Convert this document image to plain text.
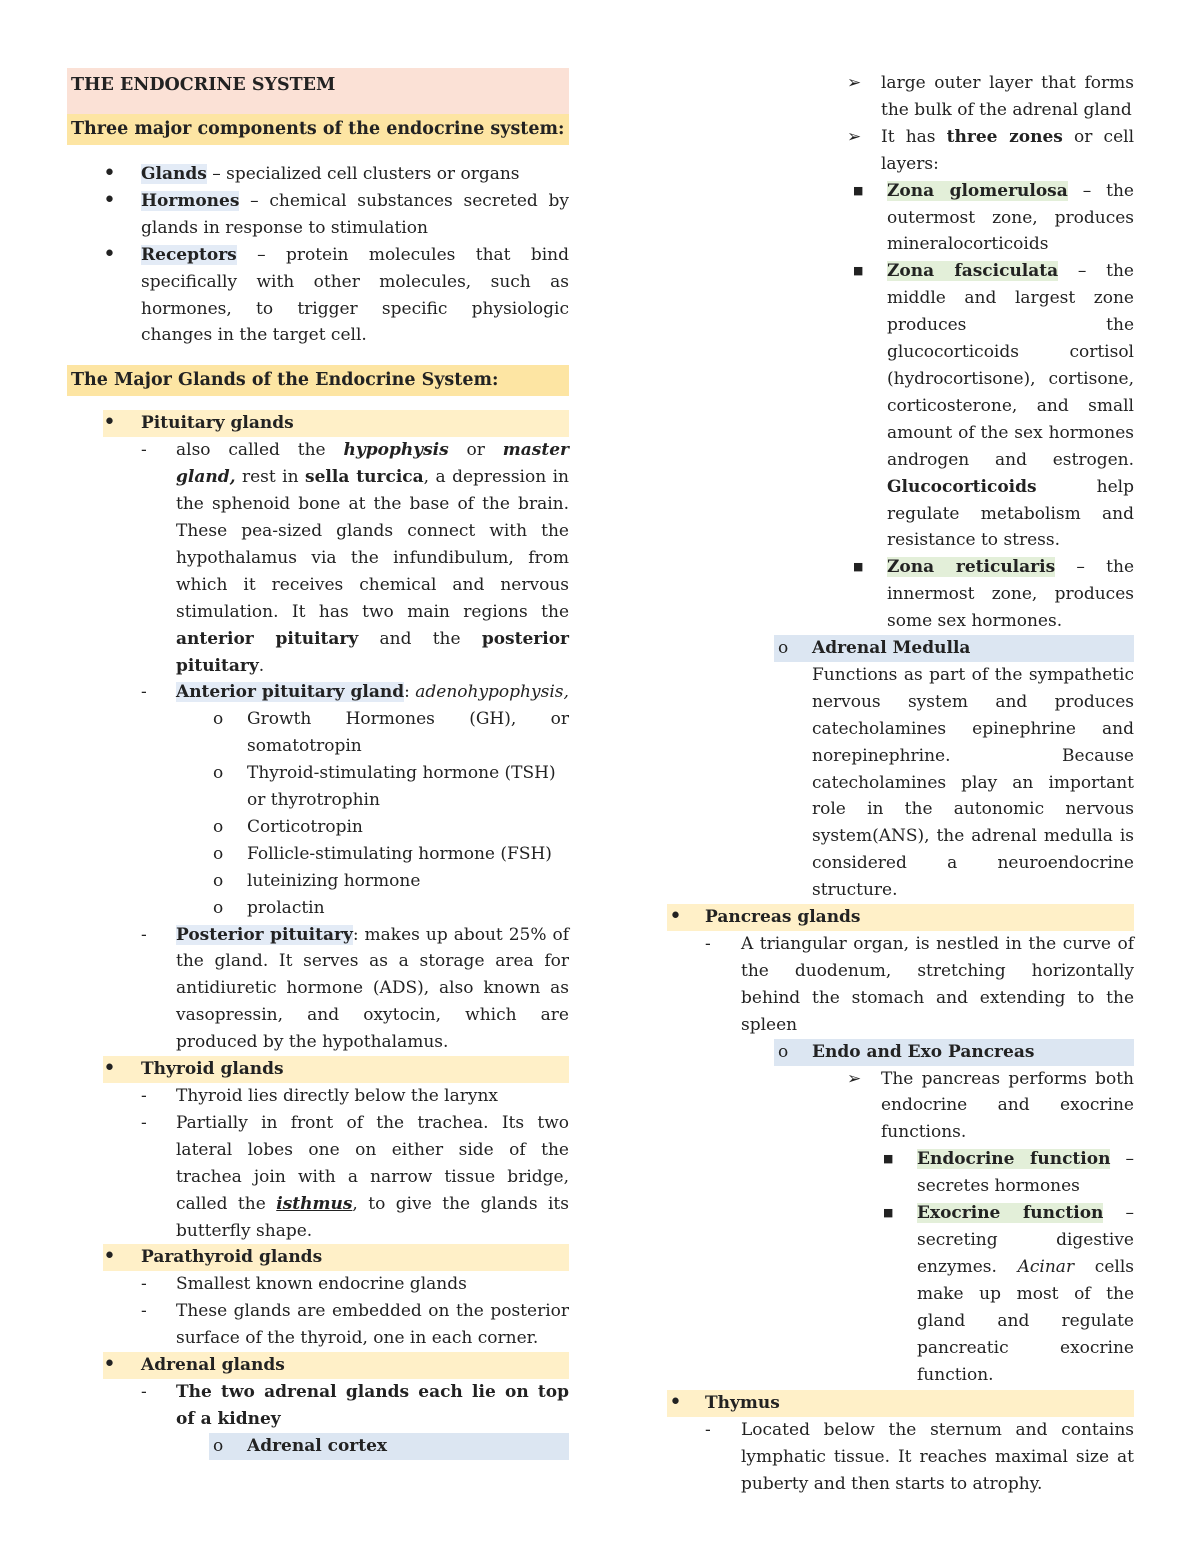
THE ENDOCRINE SYSTEM

Three major components of the endocrine system:

• Glands – specialized cell clusters or organs

• Hormones – chemical substances secreted by glands in response to stimulation

• Receptors – protein molecules that bind specifically with other molecules, such as hormones, to trigger specific physiologic changes in the target cell.

The Major Glands of the Endocrine System:

•	Pituitary glands
- also called the hypophysis or master gland, rest in sella turcica, a depression in the sphenoid bone at the base of the brain. These pea-sized glands connect with the hypothalamus via the infundibulum, from which it receives chemical and nervous stimulation. It has two main regions the anterior pituitary and the posterior pituitary.

- Anterior pituitary gland: adenohypophysis,

o Growth Hormones (GH), or somatotropin

o Thyroid-stimulating hormone (TSH) or thyrotrophin

o Corticotropin

o Follicle-stimulating hormone (FSH)

o luteinizing hormone

o prolactin

- Posterior pituitary: makes up about 25% of the gland. It serves as a storage area for antidiuretic hormone (ADS), also known as vasopressin, and oxytocin, which are produced by the hypothalamus.

•	Thyroid glands
- Thyroid lies directly below the larynx

- Partially in front of the trachea. Its two lateral lobes one on either side of the trachea join with a narrow tissue bridge, called the isthmus, to give the glands its butterfly shape.

•	Parathyroid glands
- Smallest known endocrine glands

- These glands are embedded on the posterior surface of the thyroid, one in each corner.

•	Adrenal glands
- The two adrenal glands each lie on top of a kidney

o	Adrenal cortex
➢ large outer layer that forms the bulk of the adrenal gland

➢ It has three zones or cell layers:

■ Zona glomerulosa – the outermost zone, produces mineralocorticoids

■ Zona fasciculata – the middle and largest zone produces the glucocorticoids cortisol (hydrocortisone), cortisone, corticosterone, and small amount of the sex hormones androgen and estrogen. Glucocorticoids help regulate metabolism and resistance to stress.

■ Zona reticularis – the innermost zone, produces some sex hormones.

o	Adrenal Medulla

Functions as part of the sympathetic nervous system and produces catecholamines epinephrine and norepinephrine. Because catecholamines play an important role in the autonomic nervous system(ANS), the adrenal medulla is considered a neuroendocrine structure.

•	Pancreas glands
- A triangular organ, is nestled in the curve of the duodenum, stretching horizontally behind the stomach and extending to the spleen

o	Endo and Exo Pancreas
➢ The pancreas performs both endocrine and exocrine functions.

■ Endocrine function – secretes hormones

■ Exocrine function – secreting digestive enzymes. Acinar cells make up most of the gland and regulate pancreatic exocrine function.

•	Thymus
- Located below the sternum and contains lymphatic tissue. It reaches maximal size at puberty and then starts to atrophy.
